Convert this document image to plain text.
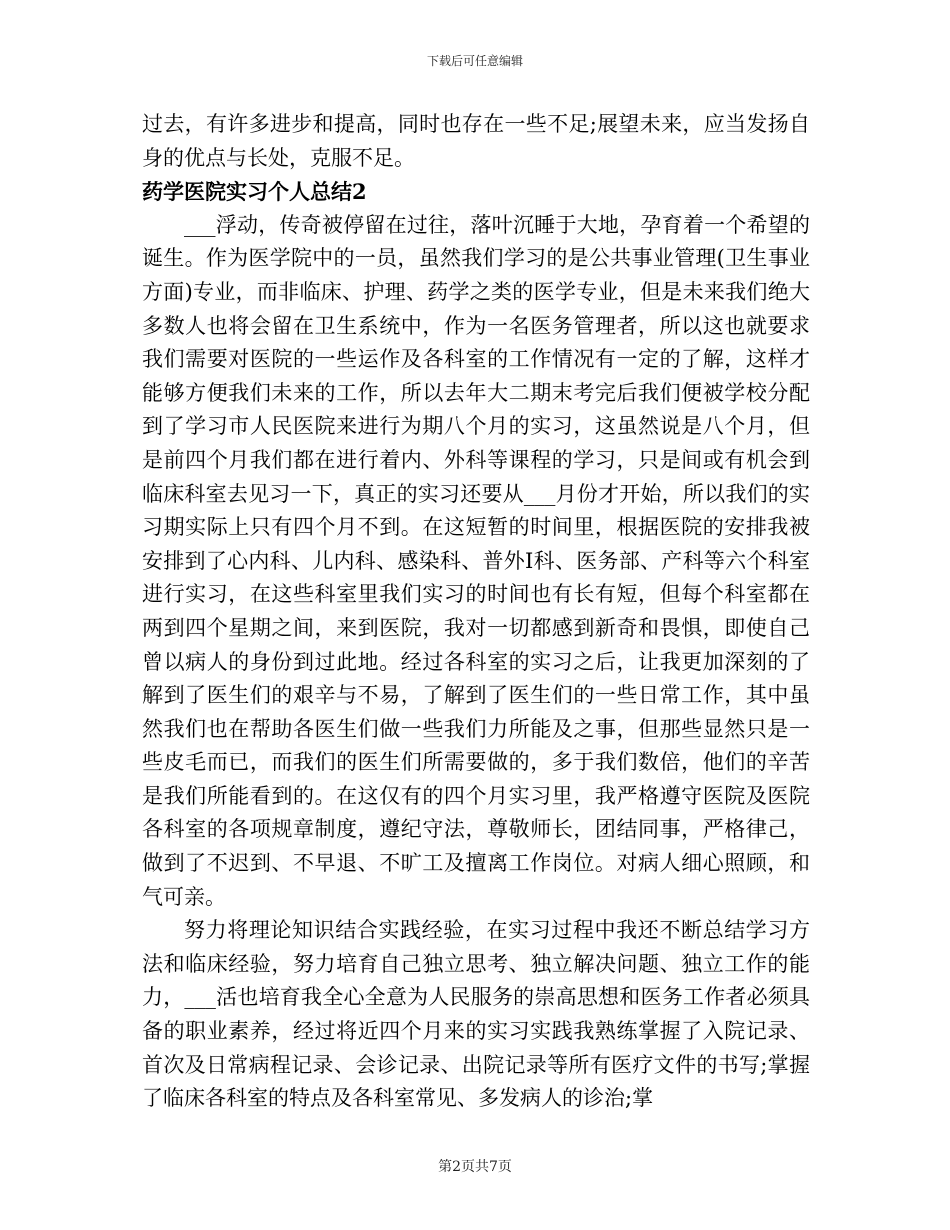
下载后可任意编辑

过去，有许多进步和提高，同时也存在一些不足;展望未来，应当发扬自身的优点与长处，克服不足。

药学医院实习个人总结2

___浮动，传奇被停留在过往，落叶沉睡于大地，孕育着一个希望的诞生。作为医学院中的一员，虽然我们学习的是公共事业管理(卫生事业方面)专业，而非临床、护理、药学之类的医学专业，但是未来我们绝大多数人也将会留在卫生系统中，作为一名医务管理者，所以这也就要求我们需要对医院的一些运作及各科室的工作情况有一定的了解，这样才能够方便我们未来的工作，所以去年大二期末考完后我们便被学校分配到了学习市人民医院来进行为期八个月的实习，这虽然说是八个月，但是前四个月我们都在进行着内、外科等课程的学习，只是间或有机会到临床科室去见习一下，真正的实习还要从___月份才开始，所以我们的实习期实际上只有四个月不到。在这短暂的时间里，根据医院的安排我被安排到了心内科、儿内科、感染科、普外Ⅰ科、医务部、产科等六个科室进行实习，在这些科室里我们实习的时间也有长有短，但每个科室都在两到四个星期之间，来到医院，我对一切都感到新奇和畏惧，即使自己曾以病人的身份到过此地。经过各科室的实习之后，让我更加深刻的了解到了医生们的艰辛与不易，了解到了医生们的一些日常工作，其中虽然我们也在帮助各医生们做一些我们力所能及之事，但那些显然只是一些皮毛而已，而我们的医生们所需要做的，多于我们数倍，他们的辛苦是我们所能看到的。在这仅有的四个月实习里，我严格遵守医院及医院各科室的各项规章制度，遵纪守法，尊敬师长，团结同事，严格律己，做到了不迟到、不早退、不旷工及擅离工作岗位。对病人细心照顾，和气可亲。

努力将理论知识结合实践经验，在实习过程中我还不断总结学习方法和临床经验，努力培育自己独立思考、独立解决问题、独立工作的能力，___活也培育我全心全意为人民服务的崇高思想和医务工作者必须具备的职业素养，经过将近四个月来的实习实践我熟练掌握了入院记录、首次及日常病程记录、会诊记录、出院记录等所有医疗文件的书写;掌握了临床各科室的特点及各科室常见、多发病人的诊治;掌

第2页共7页
